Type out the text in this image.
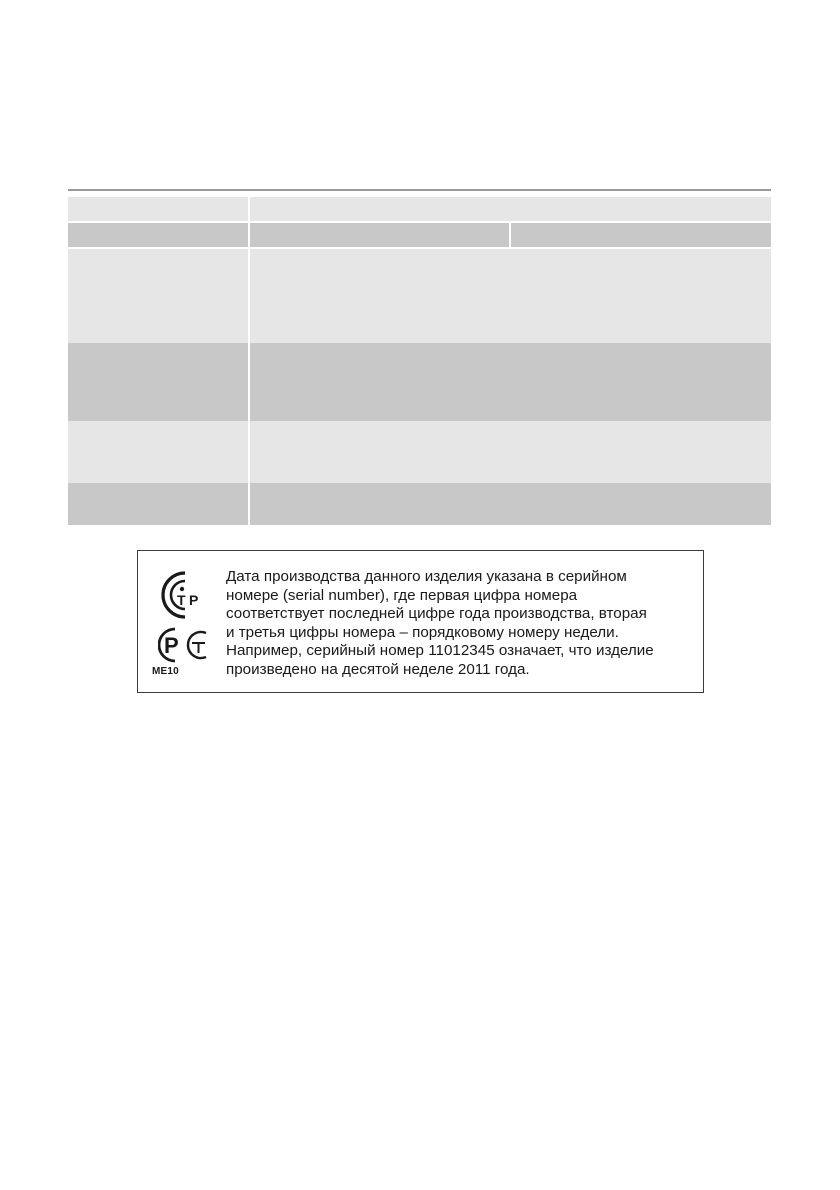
T P
P
ME10
Дата производства данного изделия указана в серийном
номере (serial number), где первая цифра номера
соответствует последней цифре года производства, вторая
и третья цифры номера – порядковому номеру недели.
Например, серийный номер 11012345 означает, что изделие
произведено на десятой неделе 2011 года.
